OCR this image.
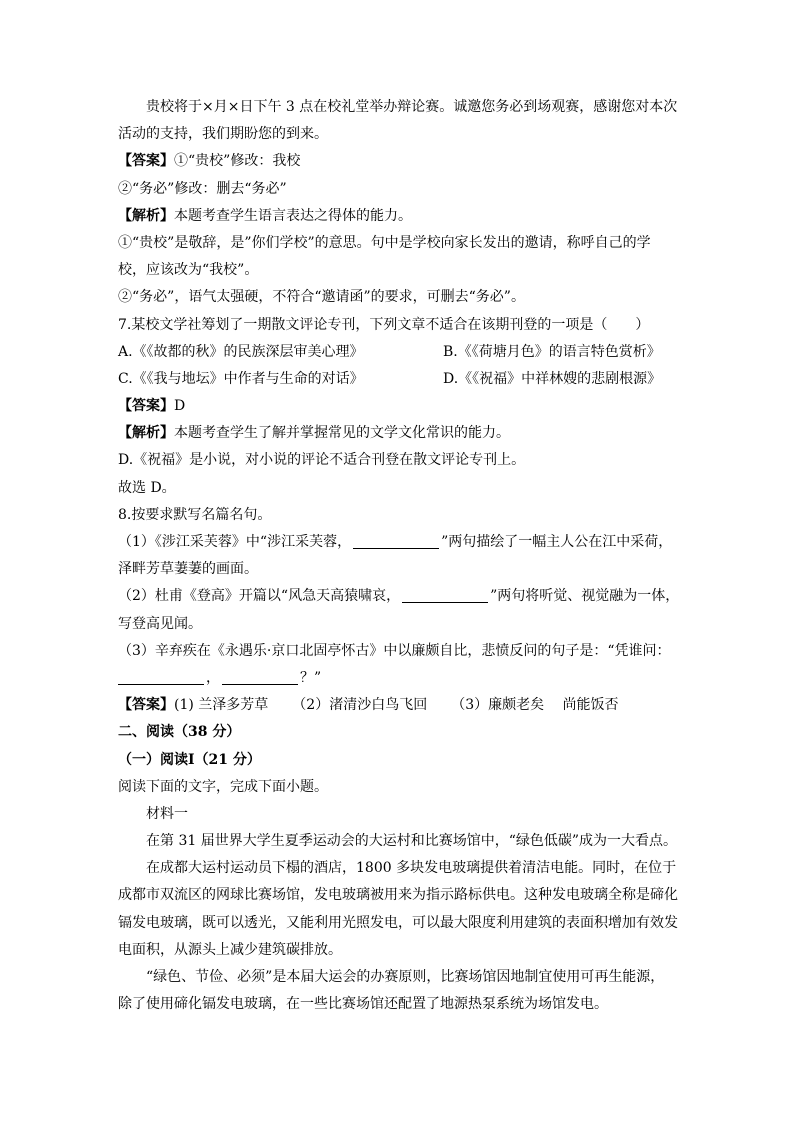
贵校将于×月×日下午 3 点在校礼堂举办辩论赛。诚邀您务必到场观赛，感谢您对本次
活动的支持，我们期盼您的到来。
【答案】①“贵校”修改：我校
②“务必”修改：删去“务必”
【解析】本题考查学生语言表达之得体的能力。
①“贵校”是敬辞，是”你们学校”的意思。句中是学校向家长发出的邀请，称呼自己的学
校，应该改为“我校”。
②“务必”，语气太强硬，不符合“邀请函”的要求，可删去“务必”。
7.某校文学社筹划了一期散文评论专刊，下列文章不适合在该期刊登的一项是（　　）
A.《《故都的秋》的民族深层审美心理》	B.《《荷塘月色》的语言特色赏析》
C.《《我与地坛》中作者与生命的对话》	D.《《祝福》中祥林嫂的悲剧根源》
【答案】D
【解析】本题考查学生了解并掌握常见的文学文化常识的能力。
D.《祝福》是小说，对小说的评论不适合刊登在散文评论专刊上。
故选 D。
8.按要求默写名篇名句。
（1）《涉江采芙蓉》中“涉江采芙蓉，	”两句描绘了一幅主人公在江中采荷，
泽畔芳草萋萋的画面。
（2）杜甫《登高》开篇以“风急天高猿啸哀，	”两句将听觉、视觉融为一体，
写登高见闻。
（3）辛弃疾在《永遇乐·京口北固亭怀古》中以廉颇自比，悲愤反问的句子是：“凭谁问：
，	？”
【答案】(1) 兰泽多芳草 （2）渚清沙白鸟飞回 （3）廉颇老矣　 尚能饭否
二、阅读（38 分）
（一）阅读Ⅰ（21 分）
阅读下面的文字，完成下面小题。
材料一
在第 31 届世界大学生夏季运动会的大运村和比赛场馆中，“绿色低碳”成为一大看点。
在成都大运村运动员下榻的酒店，1800 多块发电玻璃提供着清洁电能。同时，在位于
成都市双流区的网球比赛场馆，发电玻璃被用来为指示路标供电。这种发电玻璃全称是碲化
镉发电玻璃，既可以透光，又能利用光照发电，可以最大限度利用建筑的表面积增加有效发
电面积，从源头上减少建筑碳排放。
“绿色、节俭、必须”是本届大运会的办赛原则，比赛场馆因地制宜使用可再生能源，
除了使用碲化镉发电玻璃，在一些比赛场馆还配置了地源热泵系统为场馆发电。
